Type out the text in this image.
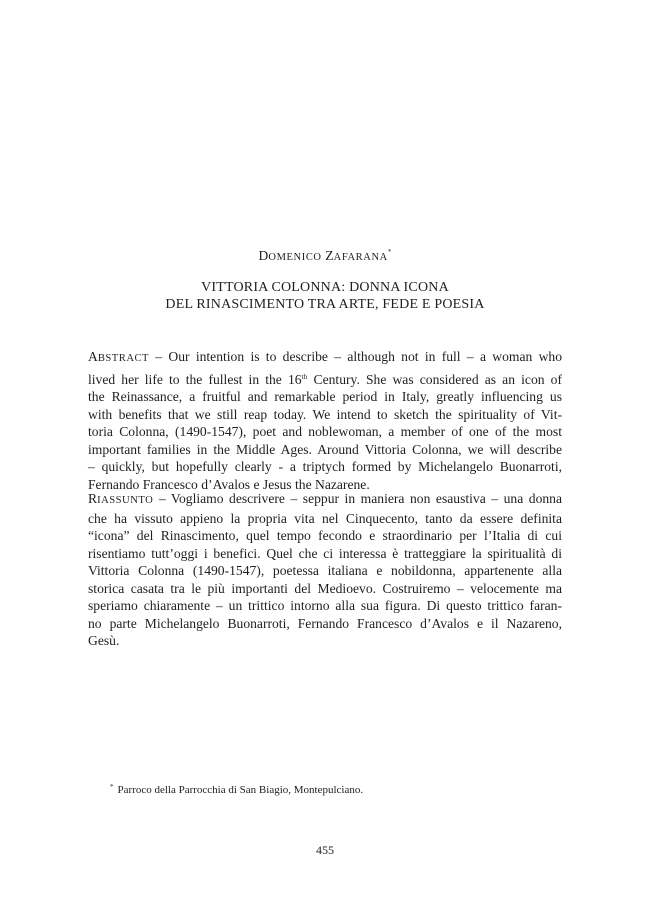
DOMENICO ZAFARANA*
VITTORIA COLONNA: DONNA ICONA
DEL RINASCIMENTO TRA ARTE, FEDE E POESIA
ABSTRACT – Our intention is to describe – although not in full – a woman who
lived her life to the fullest in the 16th Century. She was considered as an icon of
the Reinassance, a fruitful and remarkable period in Italy, greatly influencing us
with benefits that we still reap today. We intend to sketch the spirituality of Vit-
toria Colonna, (1490-1547), poet and noblewoman, a member of one of the most
important families in the Middle Ages. Around Vittoria Colonna, we will describe
– quickly, but hopefully clearly - a triptych formed by Michelangelo Buonarroti,
Fernando Francesco d’Avalos e Jesus the Nazarene.
RIASSUNTO – Vogliamo descrivere – seppur in maniera non esaustiva – una donna
che ha vissuto appieno la propria vita nel Cinquecento, tanto da essere definita
“icona” del Rinascimento, quel tempo fecondo e straordinario per l’Italia di cui
risentiamo tutt’oggi i benefici. Quel che ci interessa è tratteggiare la spiritualità di
Vittoria Colonna (1490-1547), poetessa italiana e nobildonna, appartenente alla
storica casata tra le più importanti del Medioevo. Costruiremo – velocemente ma
speriamo chiaramente – un trittico intorno alla sua figura. Di questo trittico faran-
no parte Michelangelo Buonarroti, Fernando Francesco d’Avalos e il Nazareno,
Gesù.
* Parroco della Parrocchia di San Biagio, Montepulciano.
455
